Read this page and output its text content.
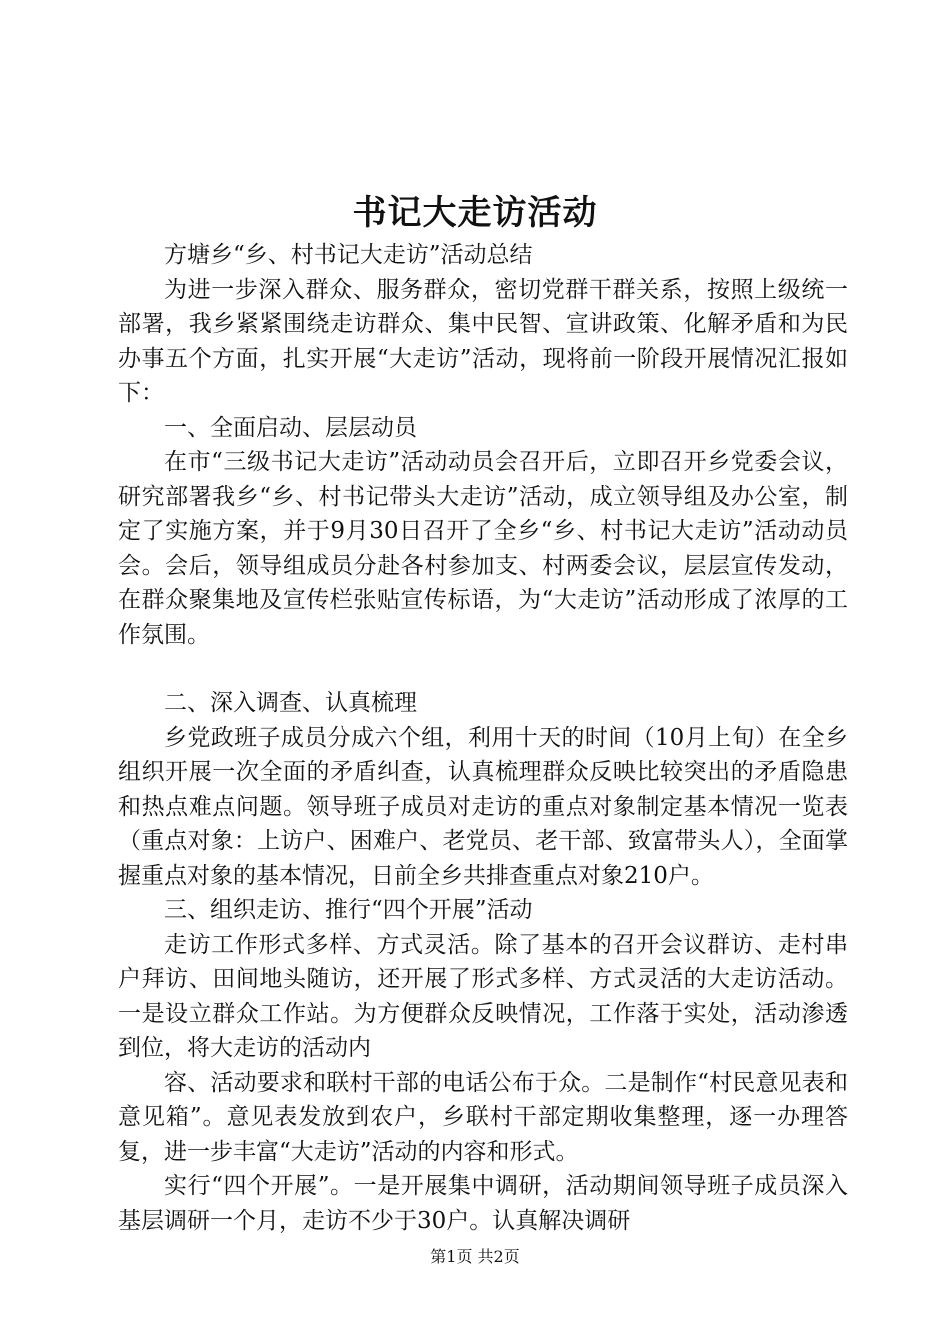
书记大走访活动

方塘乡“乡、村书记大走访”活动总结

为进一步深入群众、服务群众，密切党群干群关系，按照上级统一部署，我乡紧紧围绕走访群众、集中民智、宣讲政策、化解矛盾和为民办事五个方面，扎实开展“大走访”活动，现将前一阶段开展情况汇报如下：

一、全面启动、层层动员

在市“三级书记大走访”活动动员会召开后，立即召开乡党委会议，研究部署我乡“乡、村书记带头大走访”活动，成立领导组及办公室，制定了实施方案，并于9月30日召开了全乡“乡、村书记大走访”活动动员会。会后，领导组成员分赴各村参加支、村两委会议，层层宣传发动，在群众聚集地及宣传栏张贴宣传标语，为“大走访”活动形成了浓厚的工作氛围。

二、深入调查、认真梳理

乡党政班子成员分成六个组，利用十天的时间（10月上旬）在全乡组织开展一次全面的矛盾纠查，认真梳理群众反映比较突出的矛盾隐患和热点难点问题。领导班子成员对走访的重点对象制定基本情况一览表（重点对象：上访户、困难户、老党员、老干部、致富带头人），全面掌握重点对象的基本情况，日前全乡共排查重点对象210户。

三、组织走访、推行“四个开展”活动

走访工作形式多样、方式灵活。除了基本的召开会议群访、走村串户拜访、田间地头随访，还开展了形式多样、方式灵活的大走访活动。一是设立群众工作站。为方便群众反映情况，工作落于实处，活动渗透到位，将大走访的活动内

容、活动要求和联村干部的电话公布于众。二是制作“村民意见表和意见箱”。意见表发放到农户，乡联村干部定期收集整理，逐一办理答复，进一步丰富“大走访”活动的内容和形式。

实行“四个开展”。一是开展集中调研，活动期间领导班子成员深入基层调研一个月，走访不少于30户。认真解决调研

第1页 共2页
